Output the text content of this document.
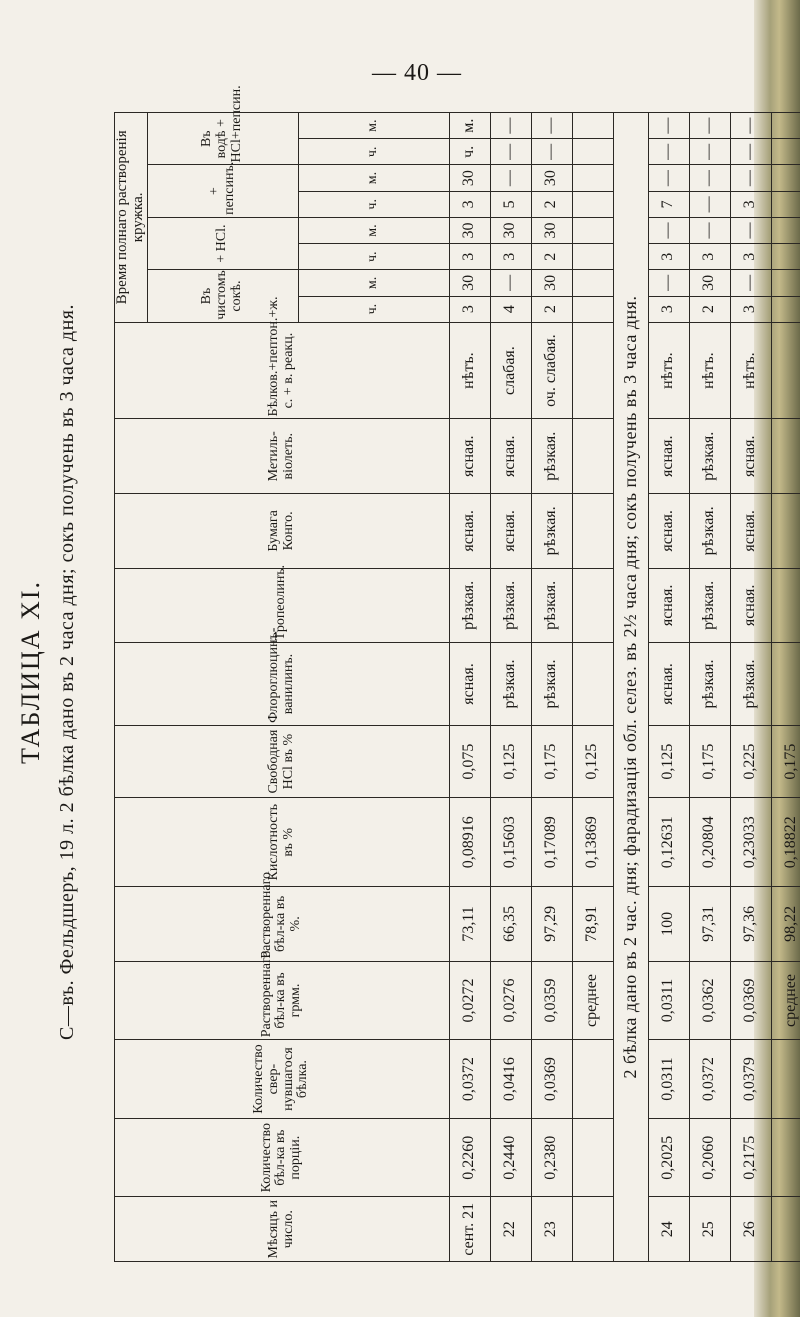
— 40 —
ТАБЛИЦА XI.
С—въ. Фельдшеръ, 19 л. 2 бѣлка дано въ 2 часа дня; сокъ получень въ 3 часа дня.
Мѣсяцъ и число.	Количество бѣл-ка въ порціи.	Количество свер-нувшагося бѣлка.	Раствореннаго бѣл-ка въ грмм.	Раствореннаго бѣл-ка въ %.	Кислотность въ %	Свободная НСl въ %	Флороглюцинъ-ванилинъ.	Тропеолинъ.	Бумага Конго.	Метиль-віолеть.	Бѣлков.+пептон.+ж. с. + в. реакц.	Время полнаго растворенія кружка.							
												Въ чистомъ сокѣ.		+ НСl.		+ пепсинъ.		Въ водѣ + НСl+пепсин.	
												ч.	м.	ч.	м.	ч.	м.	ч.	м.
сент. 21	0,2260	0,0372	0,0272	73,11	0,08916	0,075	ясная.	рѣзкая.	ясная.	ясная.	нѣтъ.	3	30	3	30	3	30	ч.	м.
22	0,2440	0,0416	0,0276	66,35	0,15603	0,125	рѣзкая.	рѣзкая.	ясная.	ясная.	слабая.	4	—	3	30	5	—	—	—
23	0,2380	0,0369	0,0359	97,29	0,17089	0,175	рѣзкая.	рѣзкая.	рѣзкая.	рѣзкая.	оч. слабая.	2	30	2	30	2	30	—	—
			среднее	78,91	0,13869	0,125													
2 бѣлка дано въ 2 час. дня; фарадизація обл. селез. въ 2½ часа дня; сокъ получень въ 3 часа дня.																			
24	0,2025	0,0311	0,0311	100	0,12631	0,125	ясная.	ясная.	ясная.	ясная.	нѣтъ.	3	—	3	—	7	—	—	—
25	0,2060	0,0372	0,0362	97,31	0,20804	0,175	рѣзкая.	рѣзкая.	рѣзкая.	рѣзкая.	нѣтъ.	2	30	3	—	—	—	—	—
26	0,2175	0,0379	0,0369	97,36	0,23033	0,225	рѣзкая.	ясная.	ясная.	ясная.	нѣтъ.	3	—	3	—	3	—	—	—
			среднее	98,22	0,18822	0,175													
